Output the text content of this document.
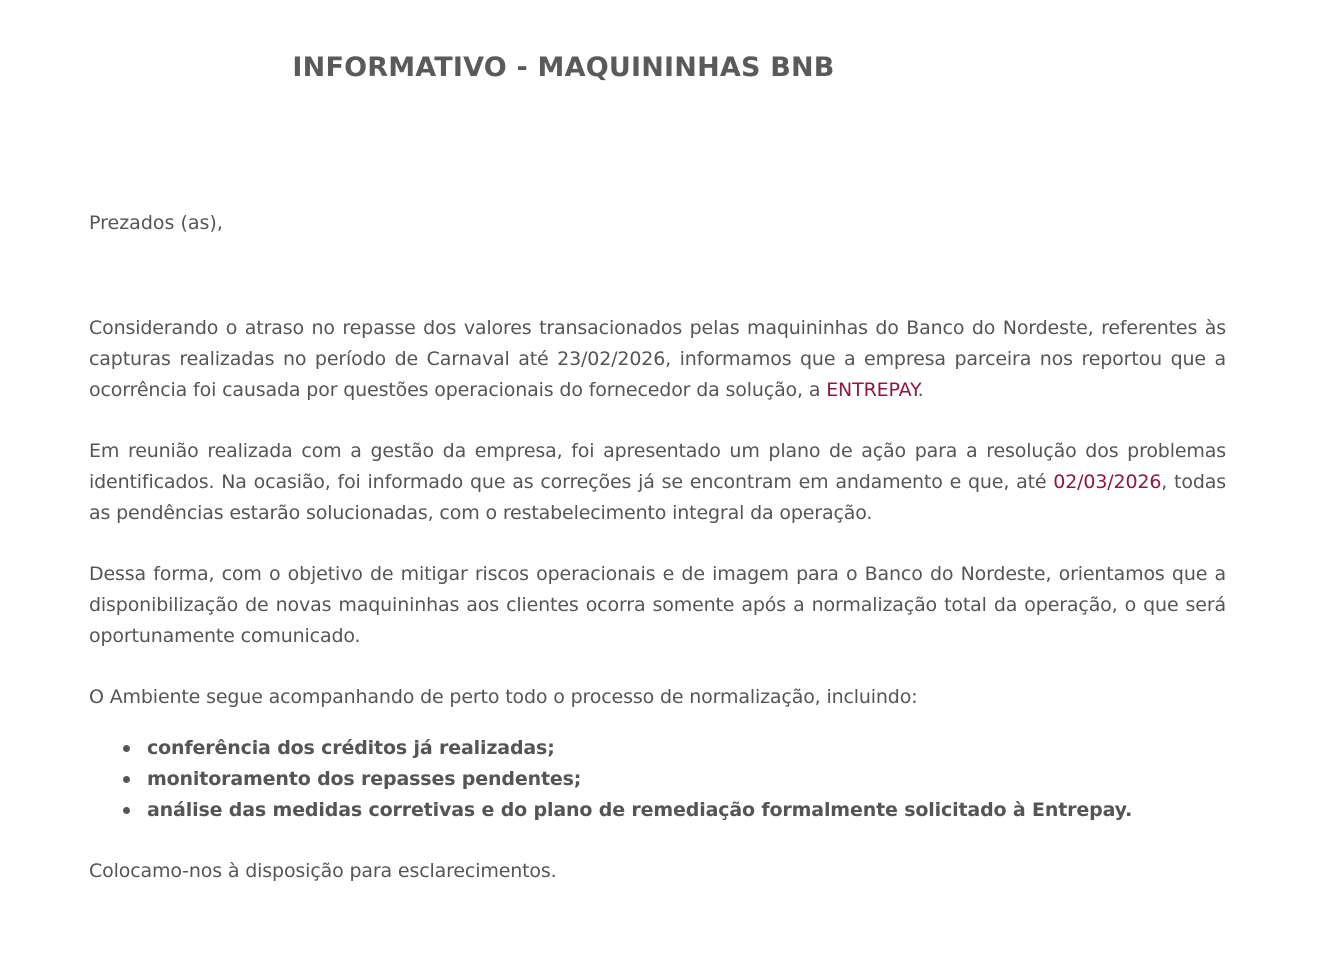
INFORMATIVO - MAQUININHAS BNB

Prezados (as),

Considerando o atraso no repasse dos valores transacionados pelas maquininhas do Banco do Nordeste, referentes às capturas realizadas no período de Carnaval até 23/02/2026, informamos que a empresa parceira nos reportou que a ocorrência foi causada por questões operacionais do fornecedor da solução, a ENTREPAY.

Em reunião realizada com a gestão da empresa, foi apresentado um plano de ação para a resolução dos problemas identificados. Na ocasião, foi informado que as correções já se encontram em andamento e que, até 02/03/2026, todas as pendências estarão solucionadas, com o restabelecimento integral da operação.

Dessa forma, com o objetivo de mitigar riscos operacionais e de imagem para o Banco do Nordeste, orientamos que a disponibilização de novas maquininhas aos clientes ocorra somente após a normalização total da operação, o que será oportunamente comunicado.

O Ambiente segue acompanhando de perto todo o processo de normalização, incluindo:

conferência dos créditos já realizadas;
monitoramento dos repasses pendentes;
análise das medidas corretivas e do plano de remediação formalmente solicitado à Entrepay.

Colocamo-nos à disposição para esclarecimentos.
